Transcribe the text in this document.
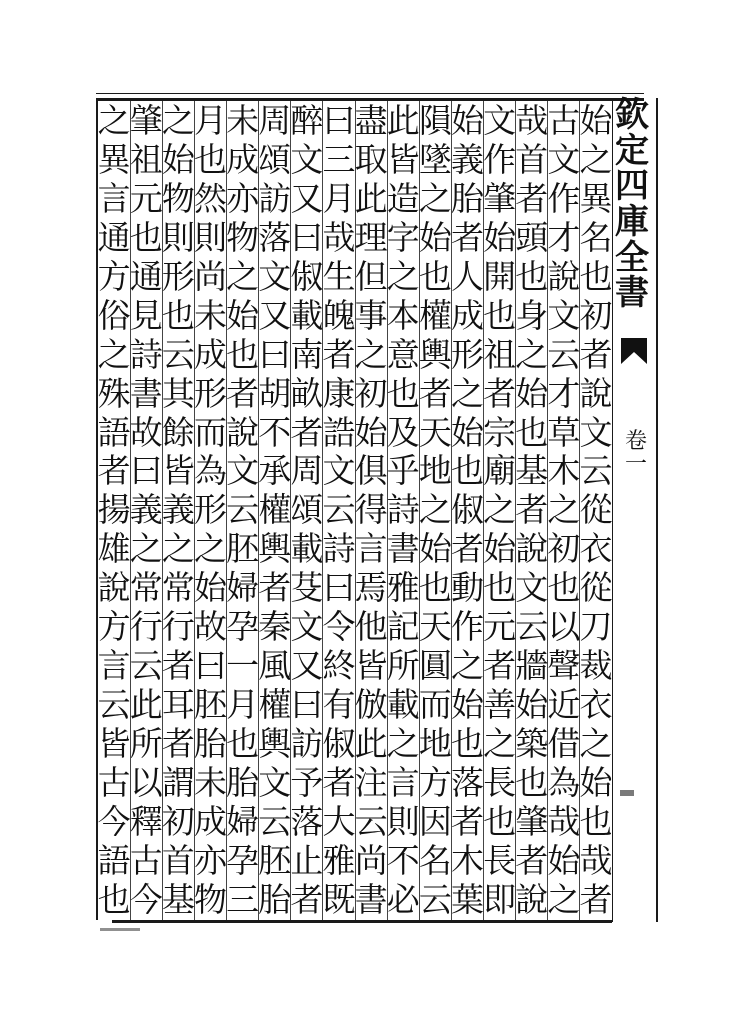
欽
定
四
庫
全
書
卷
一
始
之
異
名
也
初
者
說
文
云
從
衣
從
刀
裁
衣
之
始
也
哉
者
古
文
作
才
說
文
云
才
草
木
之
初
也
以
聲
近
借
為
哉
始
之
哉
首
者
頭
也
身
之
始
也
基
者
說
文
云
牆
始
築
也
肇
者
說
文
作
肇
始
開
也
祖
者
宗
廟
之
始
也
元
者
善
之
長
也
長
即
始
義
胎
者
人
成
形
之
始
也
俶
者
動
作
之
始
也
落
者
木
葉
隕
墜
之
始
也
權
輿
者
天
地
之
始
也
天
圓
而
地
方
因
名
云
此
皆
造
字
之
本
意
也
及
乎
詩
書
雅
記
所
載
之
言
則
不
必
盡
取
此
理
但
事
之
初
始
俱
得
言
焉
他
皆
倣
此
注
云
尚
書
曰
三
月
哉
生
魄
者
康
誥
文
云
詩
曰
令
終
有
俶
者
大
雅
既
醉
文
又
曰
俶
載
南
畝
者
周
頌
載
芟
文
又
曰
訪
予
落
止
者
周
頌
訪
落
文
又
曰
胡
不
承
權
輿
者
秦
風
權
輿
文
云
胚
胎
未
成
亦
物
之
始
也
者
說
文
云
胚
婦
孕
一
月
也
胎
婦
孕
三
月
也
然
則
尚
未
成
形
而
為
形
之
始
故
曰
胚
胎
未
成
亦
物
之
始
物
則
形
也
云
其
餘
皆
義
之
常
行
者
耳
者
謂
初
首
基
肇
祖
元
也
通
見
詩
書
故
曰
義
之
常
行
云
此
所
以
釋
古
今
之
異
言
通
方
俗
之
殊
語
者
揚
雄
說
方
言
云
皆
古
今
語
也
